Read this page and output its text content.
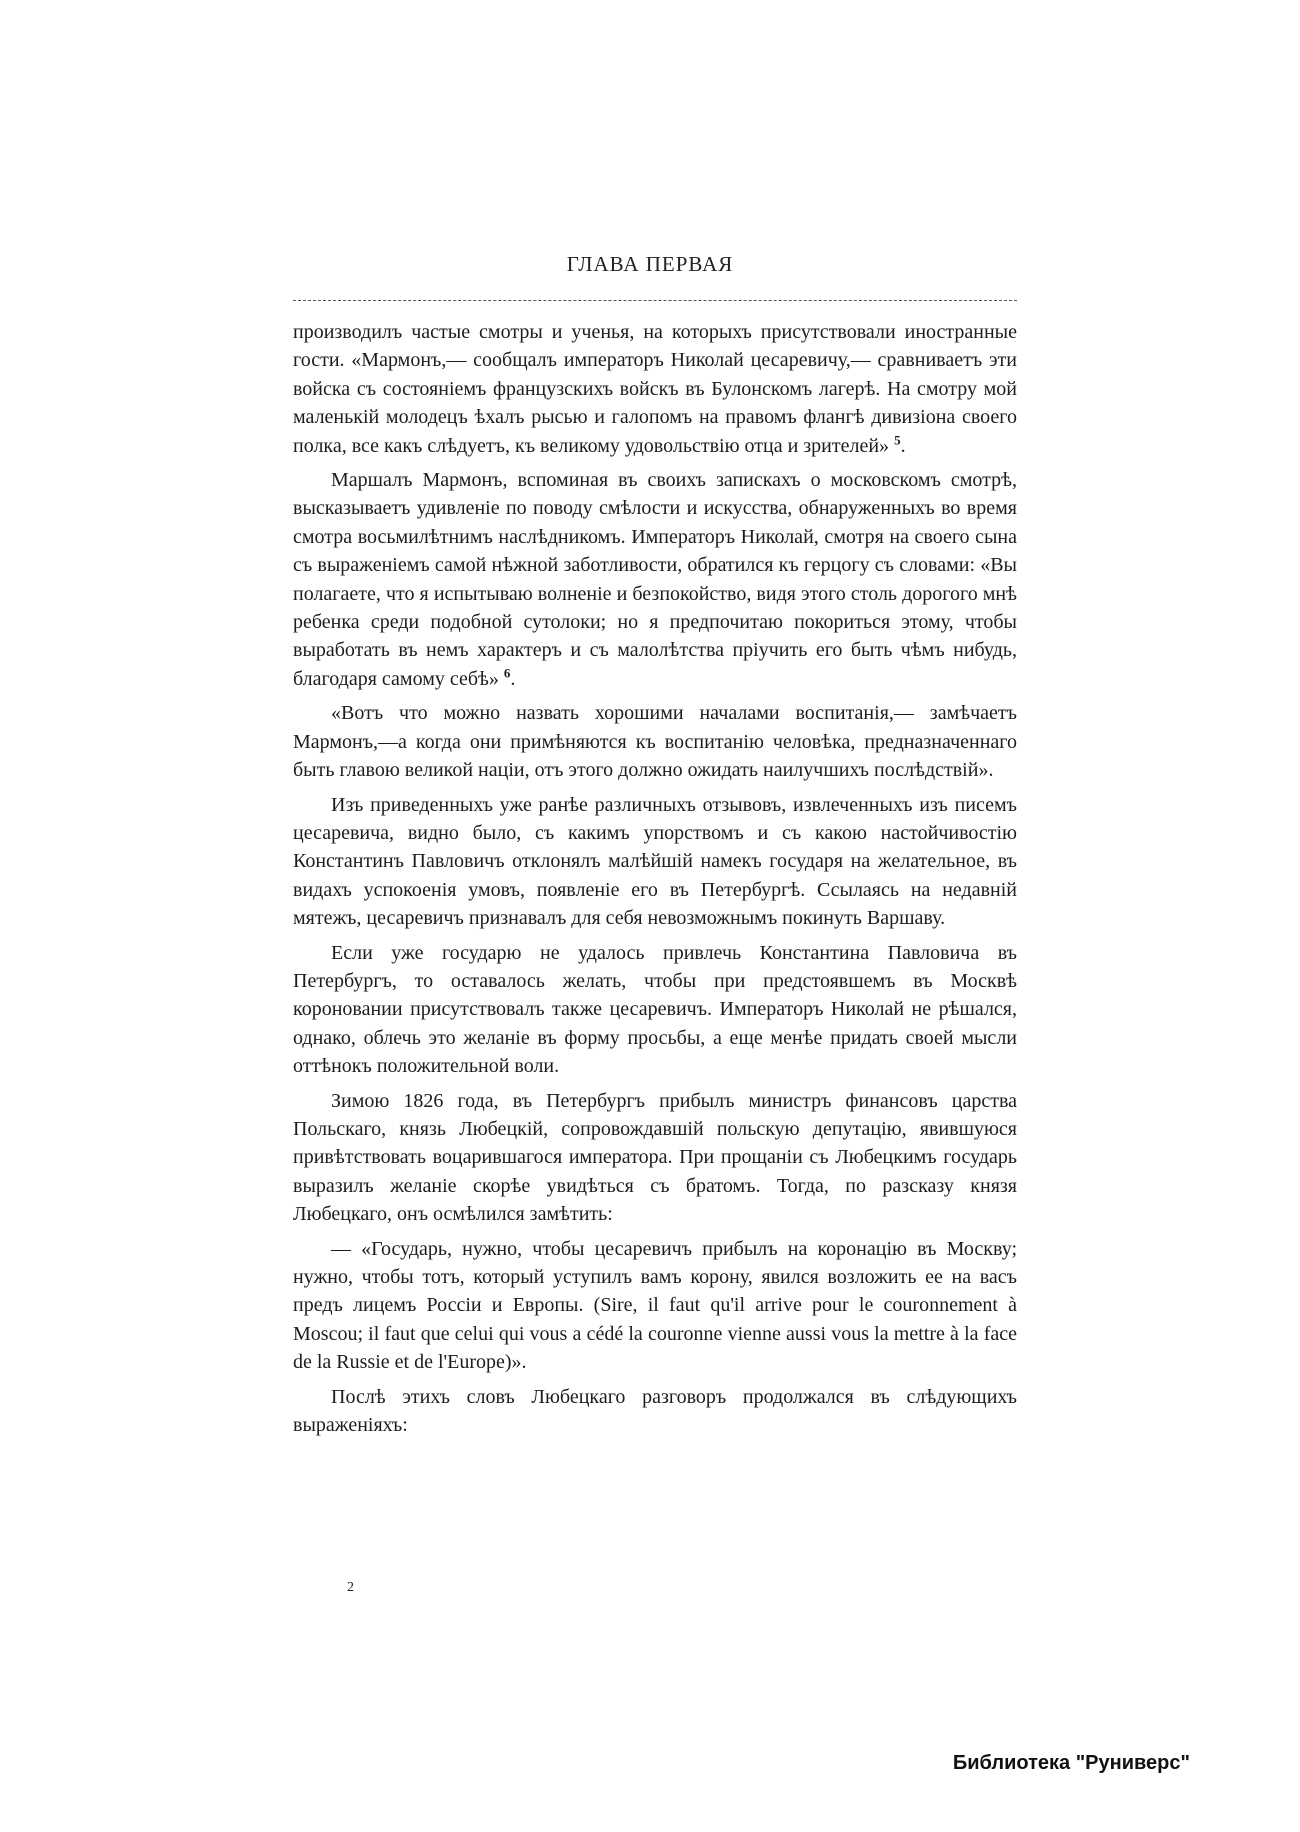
ГЛАВА ПЕРВАЯ

производилъ частые смотры и ученья, на которыхъ присутствовали иностранные гости. «Мармонъ,— сообщалъ императоръ Николай цесаревичу,— сравниваетъ эти войска съ состоянiемъ французскихъ войскъ въ Булонскомъ лагерѣ. На смотру мой маленькiй молодецъ ѣхалъ рысью и галопомъ на правомъ флангѣ дивизiона своего полка, все какъ слѣдуетъ, къ великому удовольствiю отца и зрителей» $^5$.

Маршалъ Мармонъ, вспоминая въ своихъ запискахъ о московскомъ смотрѣ, высказываетъ удивленiе по поводу смѣлости и искусства, обнаруженныхъ во время смотра восьмилѣтнимъ наслѣдникомъ. Императоръ Николай, смотря на своего сына съ выраженiемъ самой нѣжной заботливости, обратился къ герцогу съ словами: «Вы полагаете, что я испытываю волненiе и безпокойство, видя этого столь дорогого мнѣ ребенка среди подобной сутолоки; но я предпочитаю покориться этому, чтобы выработать въ немъ характеръ и съ малолѣтства прiучить его быть чѣмъ нибудь, благодаря самому себѣ» $^6$.

«Вотъ что можно назвать хорошими началами воспитанiя,— замѣчаетъ Мармонъ,—а когда они примѣняются къ воспитанiю человѣка, предназначеннаго быть главою великой нацiи, отъ этого должно ожидать наилучшихъ послѣдствiй».

Изъ приведенныхъ уже ранѣе различныхъ отзывовъ, извлеченныхъ изъ писемъ цесаревича, видно было, съ какимъ упорствомъ и съ какою настойчивостiю Константинъ Павловичъ отклонялъ малѣйшiй намекъ государя на желательное, въ видахъ успокоенiя умовъ, появленiе его въ Петербургѣ. Ссылаясь на недавнiй мятежъ, цесаревичъ признавалъ для себя невозможнымъ покинуть Варшаву.

Если уже государю не удалось привлечь Константина Павловича въ Петербургъ, то оставалось желать, чтобы при предстоявшемъ въ Москвѣ короновании присутствовалъ также цесаревичъ. Императоръ Николай не рѣшался, однако, облечь это желанiе въ форму просьбы, а еще менѣе придать своей мысли оттѣнокъ положительной воли.

Зимою 1826 года, въ Петербургъ прибылъ министръ финансовъ царства Польскаго, князь Любецкiй, сопровождавшiй польскую депутацiю, явившуюся привѣтствовать воцарившагося императора. При прощанiи съ Любецкимъ государь выразилъ желанiе скорѣе увидѣться съ братомъ. Тогда, по разсказу князя Любецкаго, онъ осмѣлился замѣтить:

— «Государь, нужно, чтобы цесаревичъ прибылъ на коронацiю въ Москву; нужно, чтобы тотъ, который уступилъ вамъ корону, явился возложить ее на васъ предъ лицемъ Россiи и Европы. (Sire, il faut qu'il arrive pour le couronnement à Moscou; il faut que celui qui vous a cédé la couronne vienne aussi vous la mettre à la face de la Russie et de l'Europe)».

Послѣ этихъ словъ Любецкаго разговоръ продолжался въ слѣдующихъ выраженiяхъ:

2
Библиотека "Руниверс"
